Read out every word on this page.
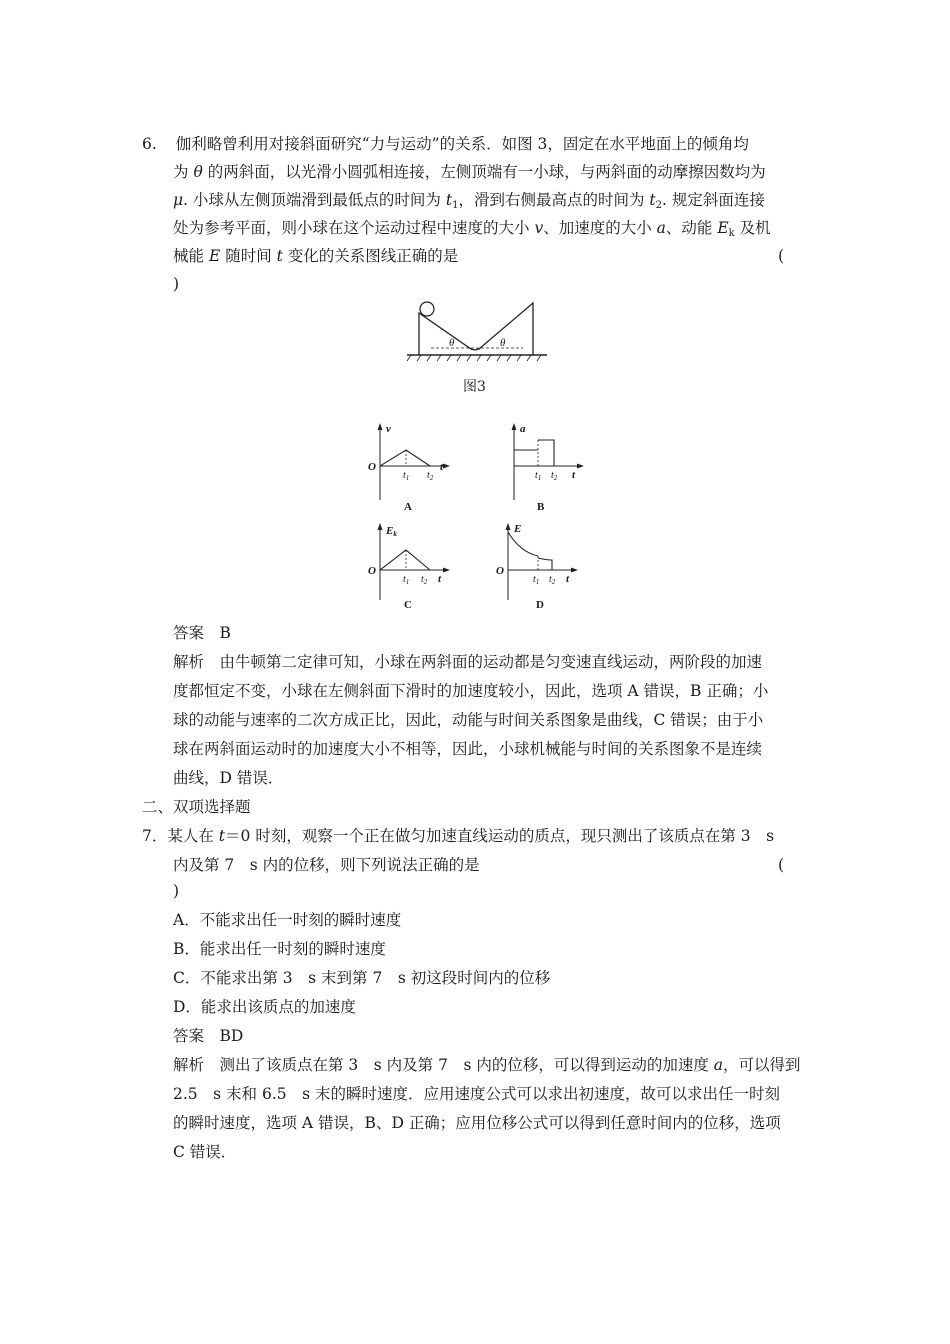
6. 伽利略曾利用对接斜面研究“力与运动”的关系．如图 3，固定在水平地面上的倾角均
为 θ 的两斜面，以光滑小圆弧相连接，左侧顶端有一小球，与两斜面的动摩擦因数均为
μ. 小球从左侧顶端滑到最低点的时间为 $t_1$，滑到右侧最高点的时间为 $t_2$. 规定斜面连接
处为参考平面，则小球在这个运动过程中速度的大小 v、加速度的大小 a、动能 $E_k$ 及机
械能 E 随时间 t 变化的关系图线正确的是	(
)
θ	θ
图3
v
O
$t_1$ $t_2$
t
A
a
$t_1$ $t_2$ t
B
Ek
O
$t_1$ $t_2$ t
C
E
O
$t_1$ $t_2$ t
D
答案　B
解析　由牛顿第二定律可知，小球在两斜面的运动都是匀变速直线运动，两阶段的加速
度都恒定不变，小球在左侧斜面下滑时的加速度较小，因此，选项 A 错误，B 正确；小
球的动能与速率的二次方成正比，因此，动能与时间关系图象是曲线，C 错误；由于小
球在两斜面运动时的加速度大小不相等，因此，小球机械能与时间的关系图象不是连续
曲线，D 错误．
二、双项选择题
7．某人在 t＝0 时刻，观察一个正在做匀加速直线运动的质点，现只测出了该质点在第 3　s
内及第 7　s 内的位移，则下列说法正确的是	(
)
A．不能求出任一时刻的瞬时速度
B．能求出任一时刻的瞬时速度
C．不能求出第 3　s 末到第 7　s 初这段时间内的位移
D．能求出该质点的加速度
答案　BD
解析　测出了该质点在第 3　s 内及第 7　s 内的位移，可以得到运动的加速度 a，可以得到
2.5　s 末和 6.5　s 末的瞬时速度．应用速度公式可以求出初速度，故可以求出任一时刻
的瞬时速度，选项 A 错误，B、D 正确；应用位移公式可以得到任意时间内的位移，选项
C 错误．
